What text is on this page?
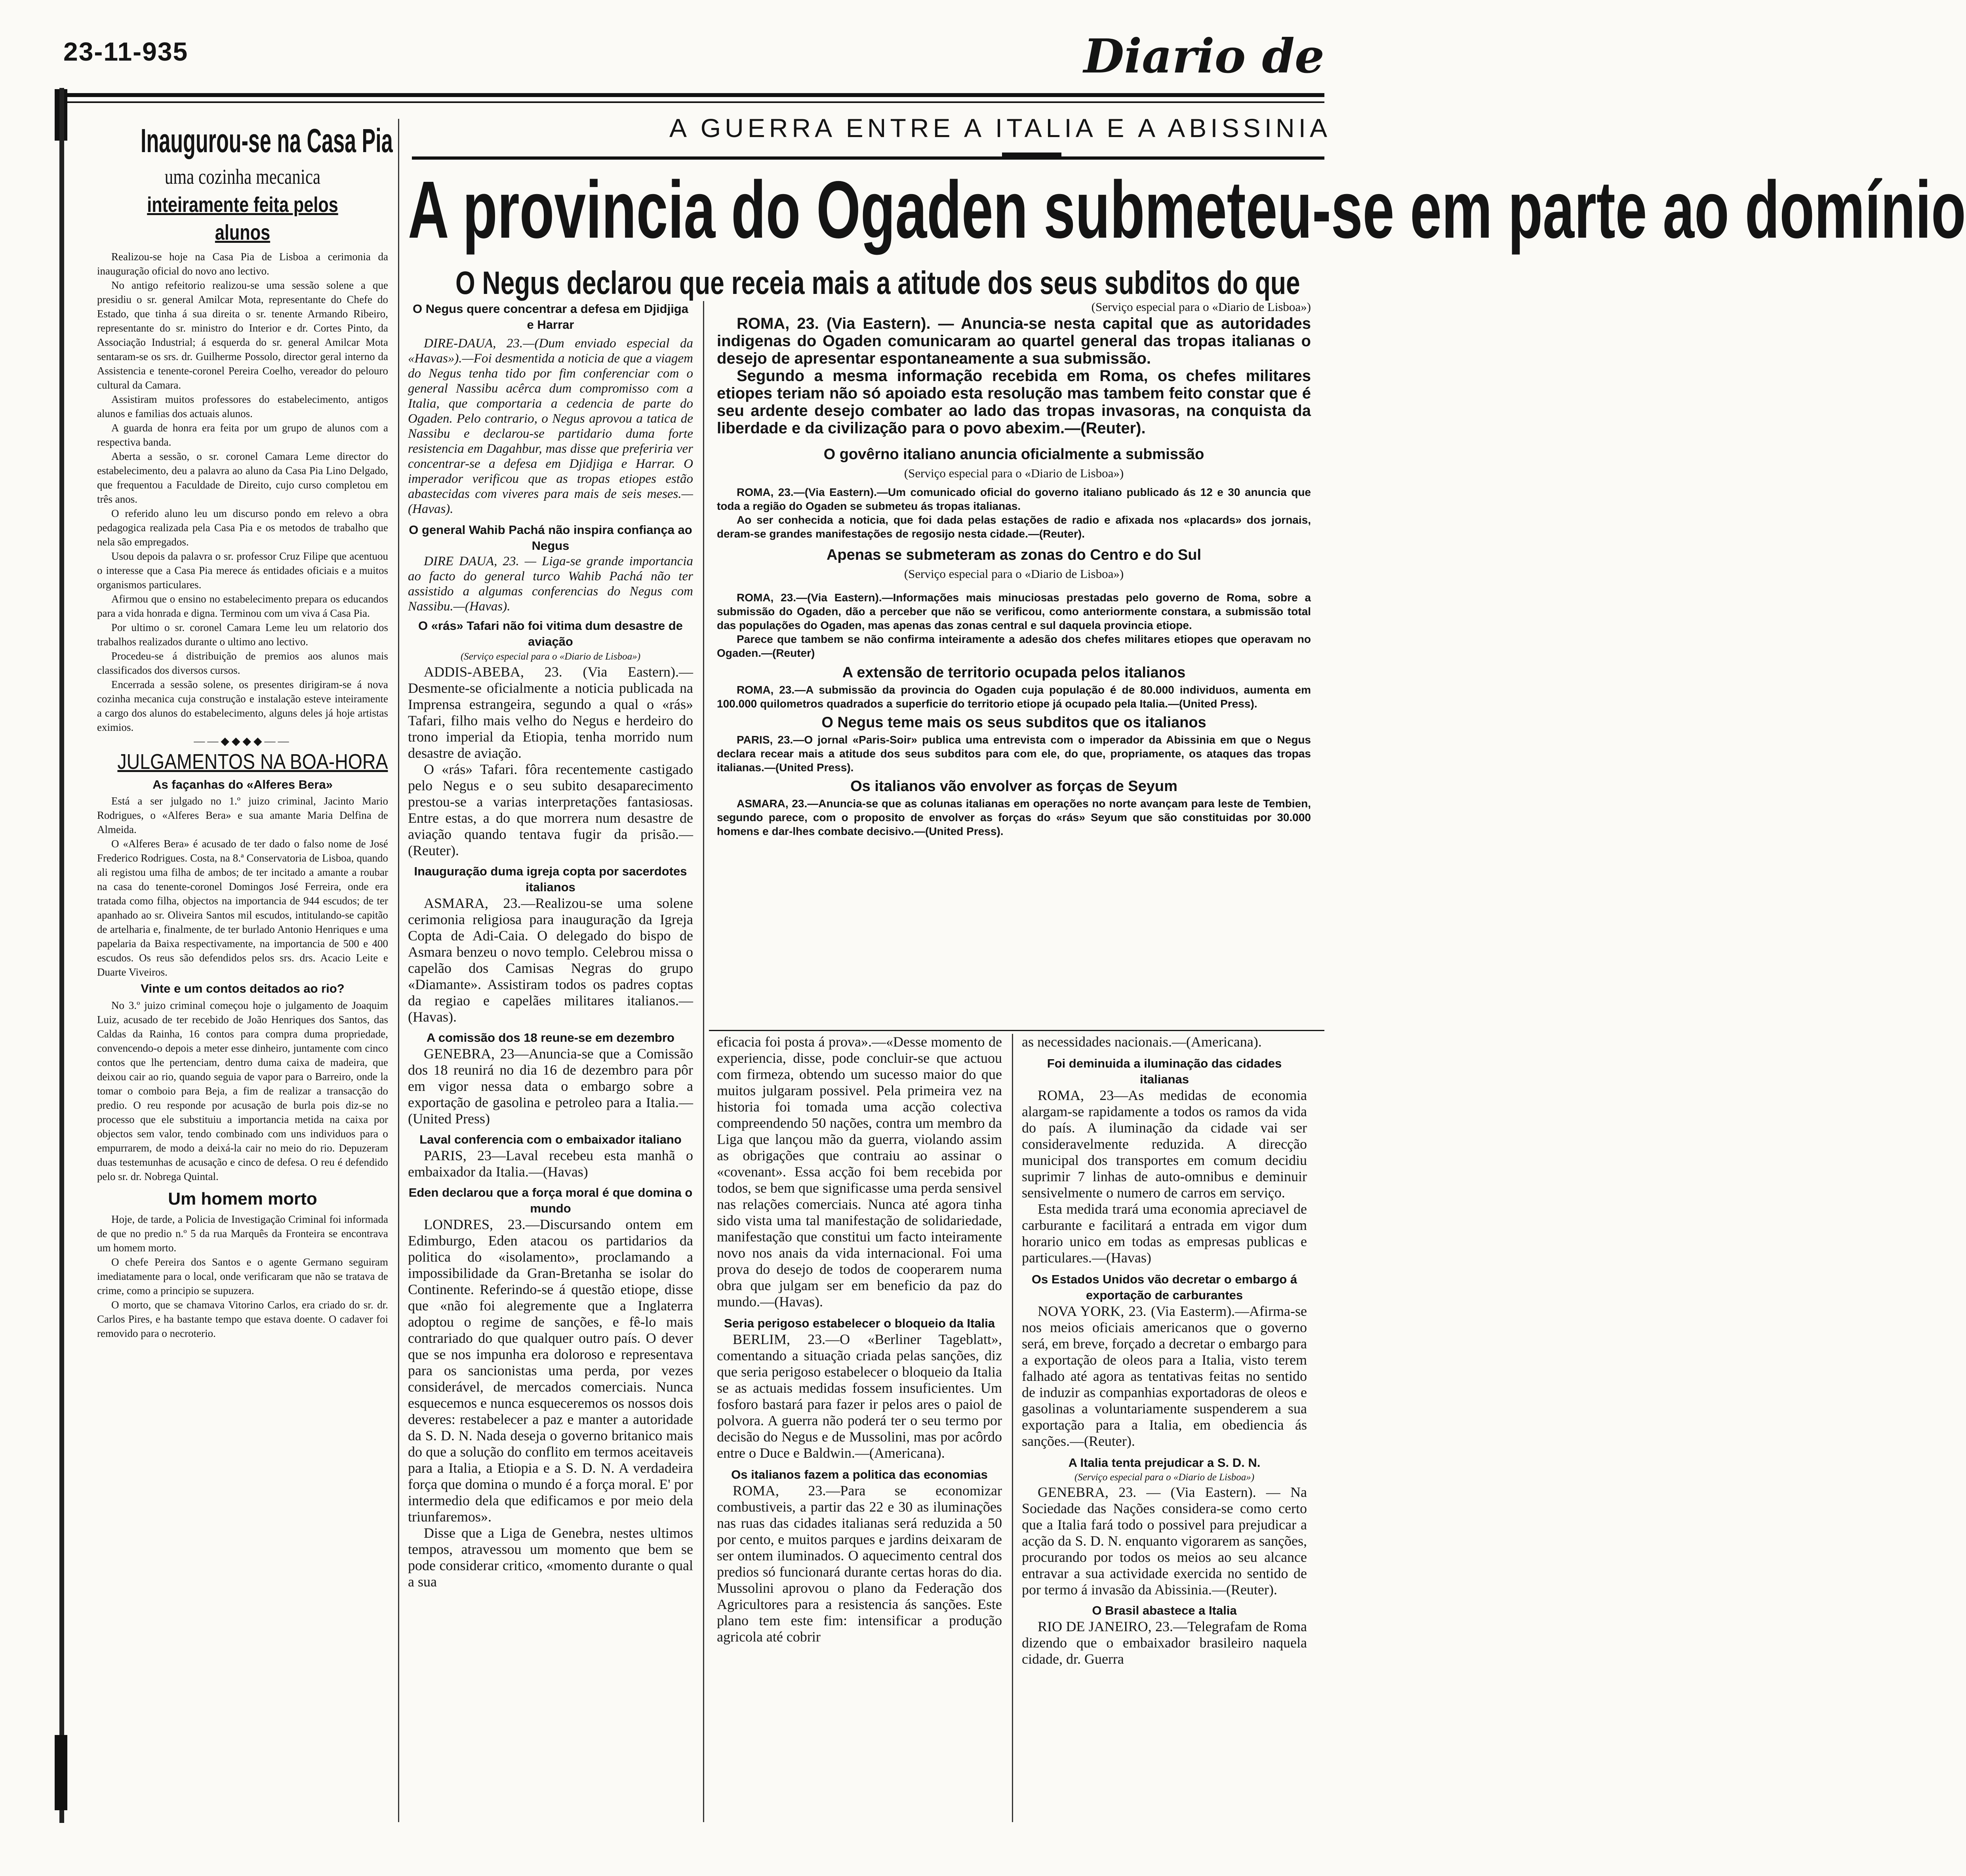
23-11-935	Diario de
Inaugurou-se na Casa Pia
uma cozinha mecanica
inteiramente feita pelos alunos

Realizou-se hoje na Casa Pia de Lisboa a cerimonia da inauguração oficial do novo ano lectivo.

No antigo refeitorio realizou-se uma sessão solene a que presidiu o sr. general Amilcar Mota, representante do Chefe do Estado, que tinha á sua direita o sr. tenente Armando Ribeiro, representante do sr. ministro do Interior e dr. Cortes Pinto, da Associação Industrial; á esquerda do sr. general Amilcar Mota sentaram-se os srs. dr. Guilherme Possolo, director geral interno da Assistencia e tenente-coronel Pereira Coelho, vereador do pelouro cultural da Camara.

Assistiram muitos professores do estabelecimento, antigos alunos e familias dos actuais alunos.

A guarda de honra era feita por um grupo de alunos com a respectiva banda.

Aberta a sessão, o sr. coronel Camara Leme director do estabelecimento, deu a palavra ao aluno da Casa Pia Lino Delgado, que frequentou a Faculdade de Direito, cujo curso completou em três anos.

O referido aluno leu um discurso pondo em relevo a obra pedagogica realizada pela Casa Pia e os metodos de trabalho que nela são empregados.

Usou depois da palavra o sr. professor Cruz Filipe que acentuou o interesse que a Casa Pia merece ás entidades oficiais e a muitos organismos particulares.

Afirmou que o ensino no estabelecimento prepara os educandos para a vida honrada e digna. Terminou com um viva á Casa Pia.

Por ultimo o sr. coronel Camara Leme leu um relatorio dos trabalhos realizados durante o ultimo ano lectivo.

Procedeu-se á distribuição de premios aos alunos mais classificados dos diversos cursos.

Encerrada a sessão solene, os presentes dirigiram-se á nova cozinha mecanica cuja construção e instalação esteve inteiramente a cargo dos alunos do estabelecimento, alguns deles já hoje artistas eximios.

——◆◆◆◆——
JULGAMENTOS NA BOA-HORA
As façanhas do «Alferes Bera»

Está a ser julgado no 1.º juizo criminal, Jacinto Mario Rodrigues, o «Alferes Bera» e sua amante Maria Delfina de Almeida.

O «Alferes Bera» é acusado de ter dado o falso nome de José Frederico Rodrigues. Costa, na 8.ª Conservatoria de Lisboa, quando ali registou uma filha de ambos; de ter incitado a amante a roubar na casa do tenente-coronel Domingos José Ferreira, onde era tratada como filha, objectos na importancia de 944 escudos; de ter apanhado ao sr. Oliveira Santos mil escudos, intitulando-se capitão de artelharia e, finalmente, de ter burlado Antonio Henriques e uma papelaria da Baixa respectivamente, na importancia de 500 e 400 escudos. Os reus são defendidos pelos srs. drs. Acacio Leite e Duarte Viveiros.

Vinte e um contos deitados ao rio?

No 3.º juizo criminal começou hoje o julgamento de Joaquim Luiz, acusado de ter recebido de João Henriques dos Santos, das Caldas da Rainha, 16 contos para compra duma propriedade, convencendo-o depois a meter esse dinheiro, juntamente com cinco contos que lhe pertenciam, dentro duma caixa de madeira, que deixou cair ao rio, quando seguia de vapor para o Barreiro, onde la tomar o comboio para Beja, a fim de realizar a transacção do predio. O reu responde por acusação de burla pois diz-se no processo que ele substituiu a importancia metida na caixa por objectos sem valor, tendo combinado com uns individuos para o empurrarem, de modo a deixá-la cair no meio do rio. Depuzeram duas testemunhas de acusação e cinco de defesa. O reu é defendido pelo sr. dr. Nobrega Quintal.

Um homem morto

Hoje, de tarde, a Policia de Investigação Criminal foi informada de que no predio n.º 5 da rua Marquês da Fronteira se encontrava um homem morto.

O chefe Pereira dos Santos e o agente Germano seguiram imediatamente para o local, onde verificaram que não se tratava de crime, como a principio se supuzera.

O morto, que se chamava Vitorino Carlos, era criado do sr. dr. Carlos Pires, e ha bastante tempo que estava doente. O cadaver foi removido para o necroterio.

A GUERRA ENTRE A ITALIA E A ABISSINIA
A provincia do Ogaden submeteu-se em parte ao domínio
O Negus declarou que receia mais a atitude dos seus subditos do que
O Negus quere concentrar a defesa em Djidjiga e Harrar

DIRE-DAUA, 23.—(Dum enviado especial da «Havas»).—Foi desmentida a noticia de que a viagem do Negus tenha tido por fim conferenciar com o general Nassibu acêrca dum compromisso com a Italia, que comportaria a cedencia de parte do Ogaden. Pelo contrario, o Negus aprovou a tatica de Nassibu e declarou-se partidario duma forte resistencia em Dagahbur, mas disse que preferiria ver concentrar-se a defesa em Djidjiga e Harrar. O imperador verificou que as tropas etiopes estão abastecidas com viveres para mais de seis meses.—(Havas).

O general Wahib Pachá não inspira confiança ao Negus

DIRE DAUA, 23. — Liga-se grande importancia ao facto do general turco Wahib Pachá não ter assistido a algumas conferencias do Negus com Nassibu.—(Havas).

O «rás» Tafari não foi vitima dum desastre de aviação
(Serviço especial para o «Diario de Lisboa»)

ADDIS-ABEBA, 23. (Via Eastern).—Desmente-se oficialmente a noticia publicada na Imprensa estrangeira, segundo a qual o «rás» Tafari, filho mais velho do Negus e herdeiro do trono imperial da Etiopia, tenha morrido num desastre de aviação.

O «rás» Tafari. fôra recentemente castigado pelo Negus e o seu subito desaparecimento prestou-se a varias interpretações fantasiosas. Entre estas, a do que morrera num desastre de aviação quando tentava fugir da prisão.—(Reuter).

Inauguração duma igreja copta por sacerdotes italianos

ASMARA, 23.—Realizou-se uma solene cerimonia religiosa para inauguração da Igreja Copta de Adi-Caia. O delegado do bispo de Asmara benzeu o novo templo. Celebrou missa o capelão dos Camisas Negras do grupo «Diamante». Assistiram todos os padres coptas da regiao e capelães militares italianos.—(Havas).

A comissão dos 18 reune-se em dezembro

GENEBRA, 23—Anuncia-se que a Comissão dos 18 reunirá no dia 16 de dezembro para pôr em vigor nessa data o embargo sobre a exportação de gasolina e petroleo para a Italia.—(United Press)

Laval conferencia com o embaixador italiano

PARIS, 23—Laval recebeu esta manhã o embaixador da Italia.—(Havas)

Eden declarou que a força moral é que domina o mundo

LONDRES, 23.—Discursando ontem em Edimburgo, Eden atacou os partidarios da politica do «isolamento», proclamando a impossibilidade da Gran-Bretanha se isolar do Continente. Referindo-se á questão etiope, disse que «não foi alegremente que a Inglaterra adoptou o regime de sanções, e fê-lo mais contrariado do que qualquer outro país. O dever que se nos impunha era doloroso e representava para os sancionistas uma perda, por vezes considerável, de mercados comerciais. Nunca esquecemos e nunca esqueceremos os nossos dois deveres: restabelecer a paz e manter a autoridade da S. D. N. Nada deseja o governo britanico mais do que a solução do conflito em termos aceitaveis para a Italia, a Etiopia e a S. D. N. A verdadeira força que domina o mundo é a força moral. E' por intermedio dela que edificamos e por meio dela triunfaremos».

Disse que a Liga de Genebra, nestes ultimos tempos, atravessou um momento que bem se pode considerar critico, «momento durante o qual a sua

(Serviço especial para o «Diario de Lisboa»)

ROMA, 23. (Via Eastern). — Anuncia-se nesta capital que as autoridades indigenas do Ogaden comunicaram ao quartel general das tropas italianas o desejo de apresentar espontaneamente a sua submissão.

Segundo a mesma informação recebida em Roma, os chefes militares etiopes teriam não só apoiado esta resolução mas tambem feito constar que é seu ardente desejo combater ao lado das tropas invasoras, na conquista da liberdade e da civilização para o povo abexim.—(Reuter).

O govêrno italiano anuncia oficialmente a submissão
(Serviço especial para o «Diario de Lisboa»)

ROMA, 23.—(Via Eastern).—Um comunicado oficial do governo italiano publicado ás 12 e 30 anuncia que toda a região do Ogaden se submeteu ás tropas italianas.

Ao ser conhecida a noticia, que foi dada pelas estações de radio e afixada nos «placards» dos jornais, deram-se grandes manifestações de regosijo nesta cidade.—(Reuter).

Apenas se submeteram as zonas do Centro e do Sul
(Serviço especial para o «Diario de Lisboa»)

ROMA, 23.—(Via Eastern).—Informações mais minuciosas prestadas pelo governo de Roma, sobre a submissão do Ogaden, dão a perceber que não se verificou, como anteriormente constara, a submissão total das populações do Ogaden, mas apenas das zonas central e sul daquela provincia etiope.

Parece que tambem se não confirma inteiramente a adesão dos chefes militares etiopes que operavam no Ogaden.—(Reuter)

A extensão de territorio ocupada pelos italianos

ROMA, 23.—A submissão da provincia do Ogaden cuja população é de 80.000 individuos, aumenta em 100.000 quilometros quadrados a superficie do territorio etiope já ocupado pela Italia.—(United Press).

O Negus teme mais os seus subditos que os italianos

PARIS, 23.—O jornal «Paris-Soir» publica uma entrevista com o imperador da Abissinia em que o Negus declara recear mais a atitude dos seus subditos para com ele, do que, propriamente, os ataques das tropas italianas.—(United Press).

Os italianos vão envolver as forças de Seyum

ASMARA, 23.—Anuncia-se que as colunas italianas em operações no norte avançam para leste de Tembien, segundo parece, com o proposito de envolver as forças do «rás» Seyum que são constituidas por 30.000 homens e dar-lhes combate decisivo.—(United Press).

eficacia foi posta á prova».—«Desse momento de experiencia, disse, pode concluir-se que actuou com firmeza, obtendo um sucesso maior do que muitos julgaram possivel. Pela primeira vez na historia foi tomada uma acção colectiva compreendendo 50 nações, contra um membro da Liga que lançou mão da guerra, violando assim as obrigações que contraiu ao assinar o «covenant». Essa acção foi bem recebida por todos, se bem que significasse uma perda sensivel nas relações comerciais. Nunca até agora tinha sido vista uma tal manifestação de solidariedade, manifestação que constitui um facto inteiramente novo nos anais da vida internacional. Foi uma prova do desejo de todos de cooperarem numa obra que julgam ser em beneficio da paz do mundo.—(Havas).

Seria perigoso estabelecer o bloqueio da Italia

BERLIM, 23.—O «Berliner Tageblatt», comentando a situação criada pelas sanções, diz que seria perigoso estabelecer o bloqueio da Italia se as actuais medidas fossem insuficientes. Um fosforo bastará para fazer ir pelos ares o paiol de polvora. A guerra não poderá ter o seu termo por decisão do Negus e de Mussolini, mas por acôrdo entre o Duce e Baldwin.—(Americana).

Os italianos fazem a politica das economias

ROMA, 23.—Para se economizar combustiveis, a partir das 22 e 30 as iluminações nas ruas das cidades italianas será reduzida a 50 por cento, e muitos parques e jardins deixaram de ser ontem iluminados. O aquecimento central dos predios só funcionará durante certas horas do dia. Mussolini aprovou o plano da Federação dos Agricultores para a resistencia ás sanções. Este plano tem este fim: intensificar a produção agricola até cobrir

as necessidades nacionais.—(Americana).

Foi deminuida a iluminação das cidades italianas

ROMA, 23—As medidas de economia alargam-se rapidamente a todos os ramos da vida do país. A iluminação da cidade vai ser consideravelmente reduzida. A direcção municipal dos transportes em comum decidiu suprimir 7 linhas de auto-omnibus e deminuir sensivelmente o numero de carros em serviço.

Esta medida trará uma economia apreciavel de carburante e facilitará a entrada em vigor dum horario unico em todas as empresas publicas e particulares.—(Havas)

Os Estados Unidos vão decretar o embargo á exportação de carburantes

NOVA YORK, 23. (Via Easterm).—Afirma-se nos meios oficiais americanos que o governo será, em breve, forçado a decretar o embargo para a exportação de oleos para a Italia, visto terem falhado até agora as tentativas feitas no sentido de induzir as companhias exportadoras de oleos e gasolinas a voluntariamente suspenderem a sua exportação para a Italia, em obediencia ás sanções.—(Reuter).

A Italia tenta prejudicar a S. D. N.
(Serviço especial para o «Diario de Lisboa»)

GENEBRA, 23. — (Via Eastern). — Na Sociedade das Nações considera-se como certo que a Italia fará todo o possivel para prejudicar a acção da S. D. N. enquanto vigorarem as sanções, procurando por todos os meios ao seu alcance entravar a sua actividade exercida no sentido de por termo á invasão da Abissinia.—(Reuter).

O Brasil abastece a Italia

RIO DE JANEIRO, 23.—Telegrafam de Roma dizendo que o embaixador brasileiro naquela cidade, dr. Guerra
